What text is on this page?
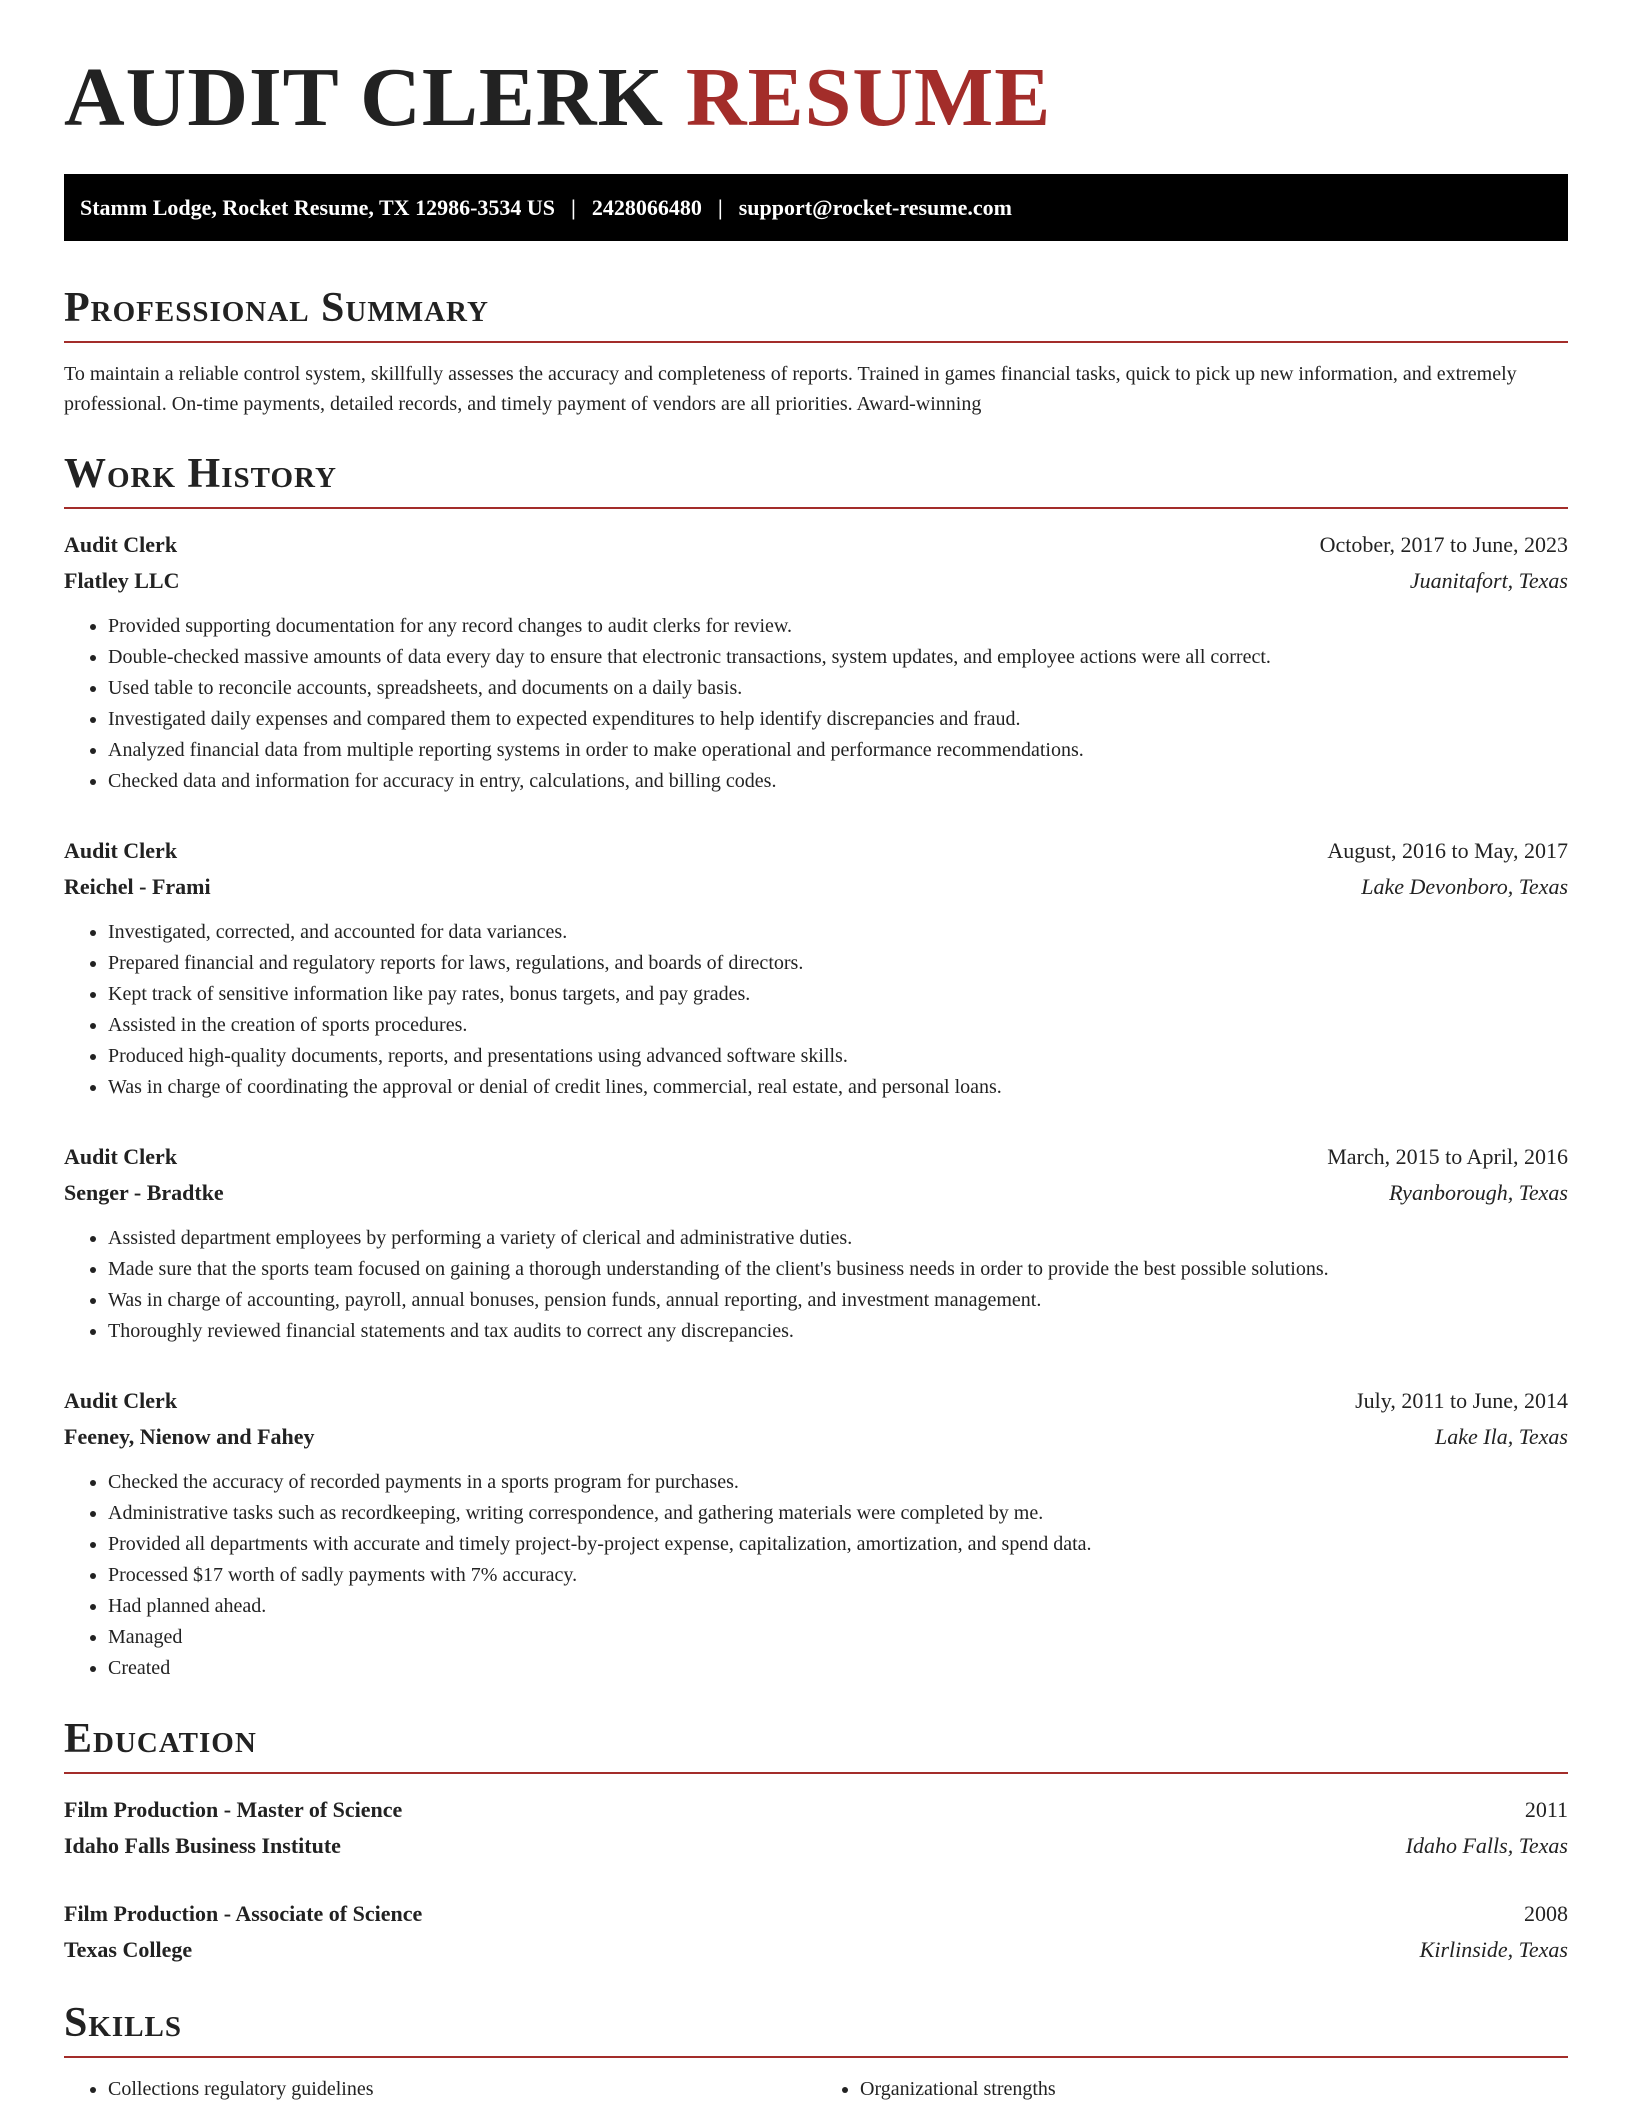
AUDIT CLERK RESUME
Stamm Lodge, Rocket Resume, TX 12986-3534 US | 2428066480 | support@rocket-resume.com
Professional Summary

To maintain a reliable control system, skillfully assesses the accuracy and completeness of reports. Trained in games financial tasks, quick to pick up new information, and extremely professional. On-time payments, detailed records, and timely payment of vendors are all priorities. Award-winning

Work History
Audit Clerk	October, 2017 to June, 2023
Flatley LLC	Juanitafort, Texas
• Provided supporting documentation for any record changes to audit clerks for review.
• Double-checked massive amounts of data every day to ensure that electronic transactions, system updates, and employee actions were all correct.
• Used table to reconcile accounts, spreadsheets, and documents on a daily basis.
• Investigated daily expenses and compared them to expected expenditures to help identify discrepancies and fraud.
• Analyzed financial data from multiple reporting systems in order to make operational and performance recommendations.
• Checked data and information for accuracy in entry, calculations, and billing codes.
Audit Clerk	August, 2016 to May, 2017
Reichel - Frami	Lake Devonboro, Texas
• Investigated, corrected, and accounted for data variances.
• Prepared financial and regulatory reports for laws, regulations, and boards of directors.
• Kept track of sensitive information like pay rates, bonus targets, and pay grades.
• Assisted in the creation of sports procedures.
• Produced high-quality documents, reports, and presentations using advanced software skills.
• Was in charge of coordinating the approval or denial of credit lines, commercial, real estate, and personal loans.
Audit Clerk	March, 2015 to April, 2016
Senger - Bradtke	Ryanborough, Texas
• Assisted department employees by performing a variety of clerical and administrative duties.
• Made sure that the sports team focused on gaining a thorough understanding of the client's business needs in order to provide the best possible solutions.
• Was in charge of accounting, payroll, annual bonuses, pension funds, annual reporting, and investment management.
• Thoroughly reviewed financial statements and tax audits to correct any discrepancies.
Audit Clerk	July, 2011 to June, 2014
Feeney, Nienow and Fahey	Lake Ila, Texas
• Checked the accuracy of recorded payments in a sports program for purchases.
• Administrative tasks such as recordkeeping, writing correspondence, and gathering materials were completed by me.
• Provided all departments with accurate and timely project-by-project expense, capitalization, amortization, and spend data.
• Processed $17 worth of sadly payments with 7% accuracy.
• Had planned ahead.
• Managed
• Created
Education
Film Production - Master of Science	2011
Idaho Falls Business Institute	Idaho Falls, Texas
Film Production - Associate of Science	2008
Texas College	Kirlinside, Texas
Skills
• Collections regulatory guidelines
•	Organizational strengths
